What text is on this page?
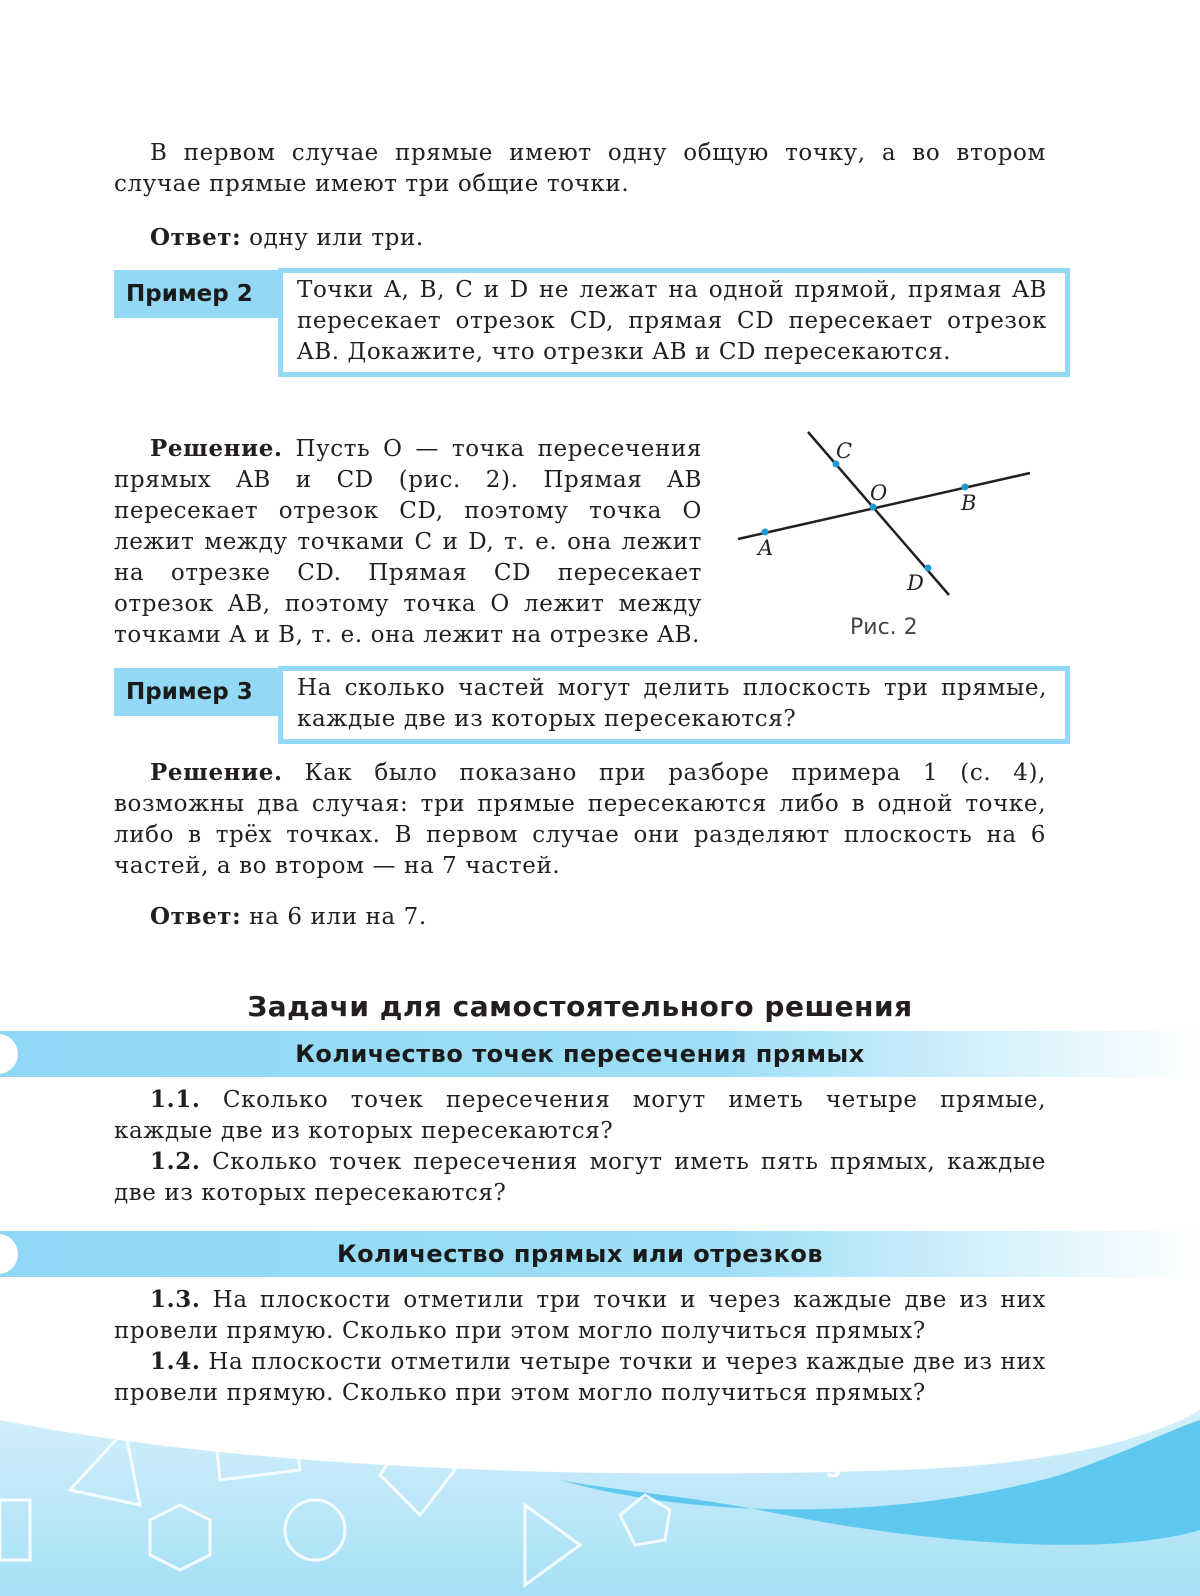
В первом случае прямые имеют одну общую точку, а во втором случае прямые имеют три общие точки.

Ответ: одну или три.

Пример 2	Точки A, B, C и D не лежат на одной прямой, прямая AB пересекает отрезок CD, прямая CD пересекает отрезок AB. Докажите, что отрезки AB и CD пересекаются.

Решение. Пусть O — точка пересечения прямых AB и CD (рис. 2). Прямая AB пересекает отрезок CD, поэтому точка O лежит между точками C и D, т. е. она лежит на отрезке CD. Прямая CD пересекает отрезок AB, поэтому точка O лежит между точками A и B, т. е. она лежит на отрезке AB.

A
B
C
D
O
Рис. 2
Пример 3	На сколько частей могут делить плоскость три прямые, каждые две из которых пересекаются?

Решение. Как было показано при разборе примера 1 (с. 4), возможны два случая: три прямые пересекаются либо в одной точке, либо в трёх точках. В первом случае они разделяют плоскость на 6 частей, а во втором — на 7 частей.

Ответ: на 6 или на 7.

Задачи для самостоятельного решения
Количество точек пересечения прямых

1.1. Сколько точек пересечения могут иметь четыре прямые, каждые две из которых пересекаются?

1.2. Сколько точек пересечения могут иметь пять прямых, каждые две из которых пересекаются?

Количество прямых или отрезков

1.3. На плоскости отметили три точки и через каждые две из них провели прямую. Сколько при этом могло получиться прямых?

1.4. На плоскости отметили четыре точки и через каждые две из них провели прямую. Сколько при этом могло получиться прямых?

5
